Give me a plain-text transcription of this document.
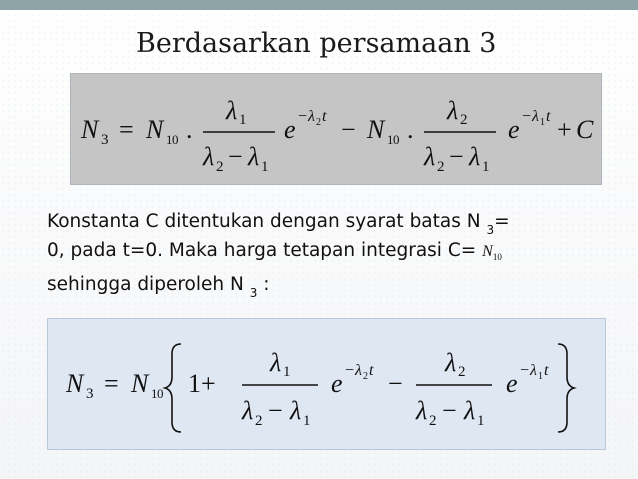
Berdasarkan persamaan 3
N 3 = N 1 0 .
λ 1
λ 2 − λ 1
e − λ 2 t − N 1 0 .
λ 2
λ 2 − λ 1
e − λ 1 t + C
Konstanta C ditentukan dengan syarat batas N $_3$=
0, pada t=0. Maka harga tetapan integrasi $C= N_{10}$
sehingga diperoleh N $_3$ :
N 3 = N 1 0 1+
λ 1
λ 2 − λ 1
e − λ 2 t −
λ 2
λ 2 − λ 1
e − λ 1 t
